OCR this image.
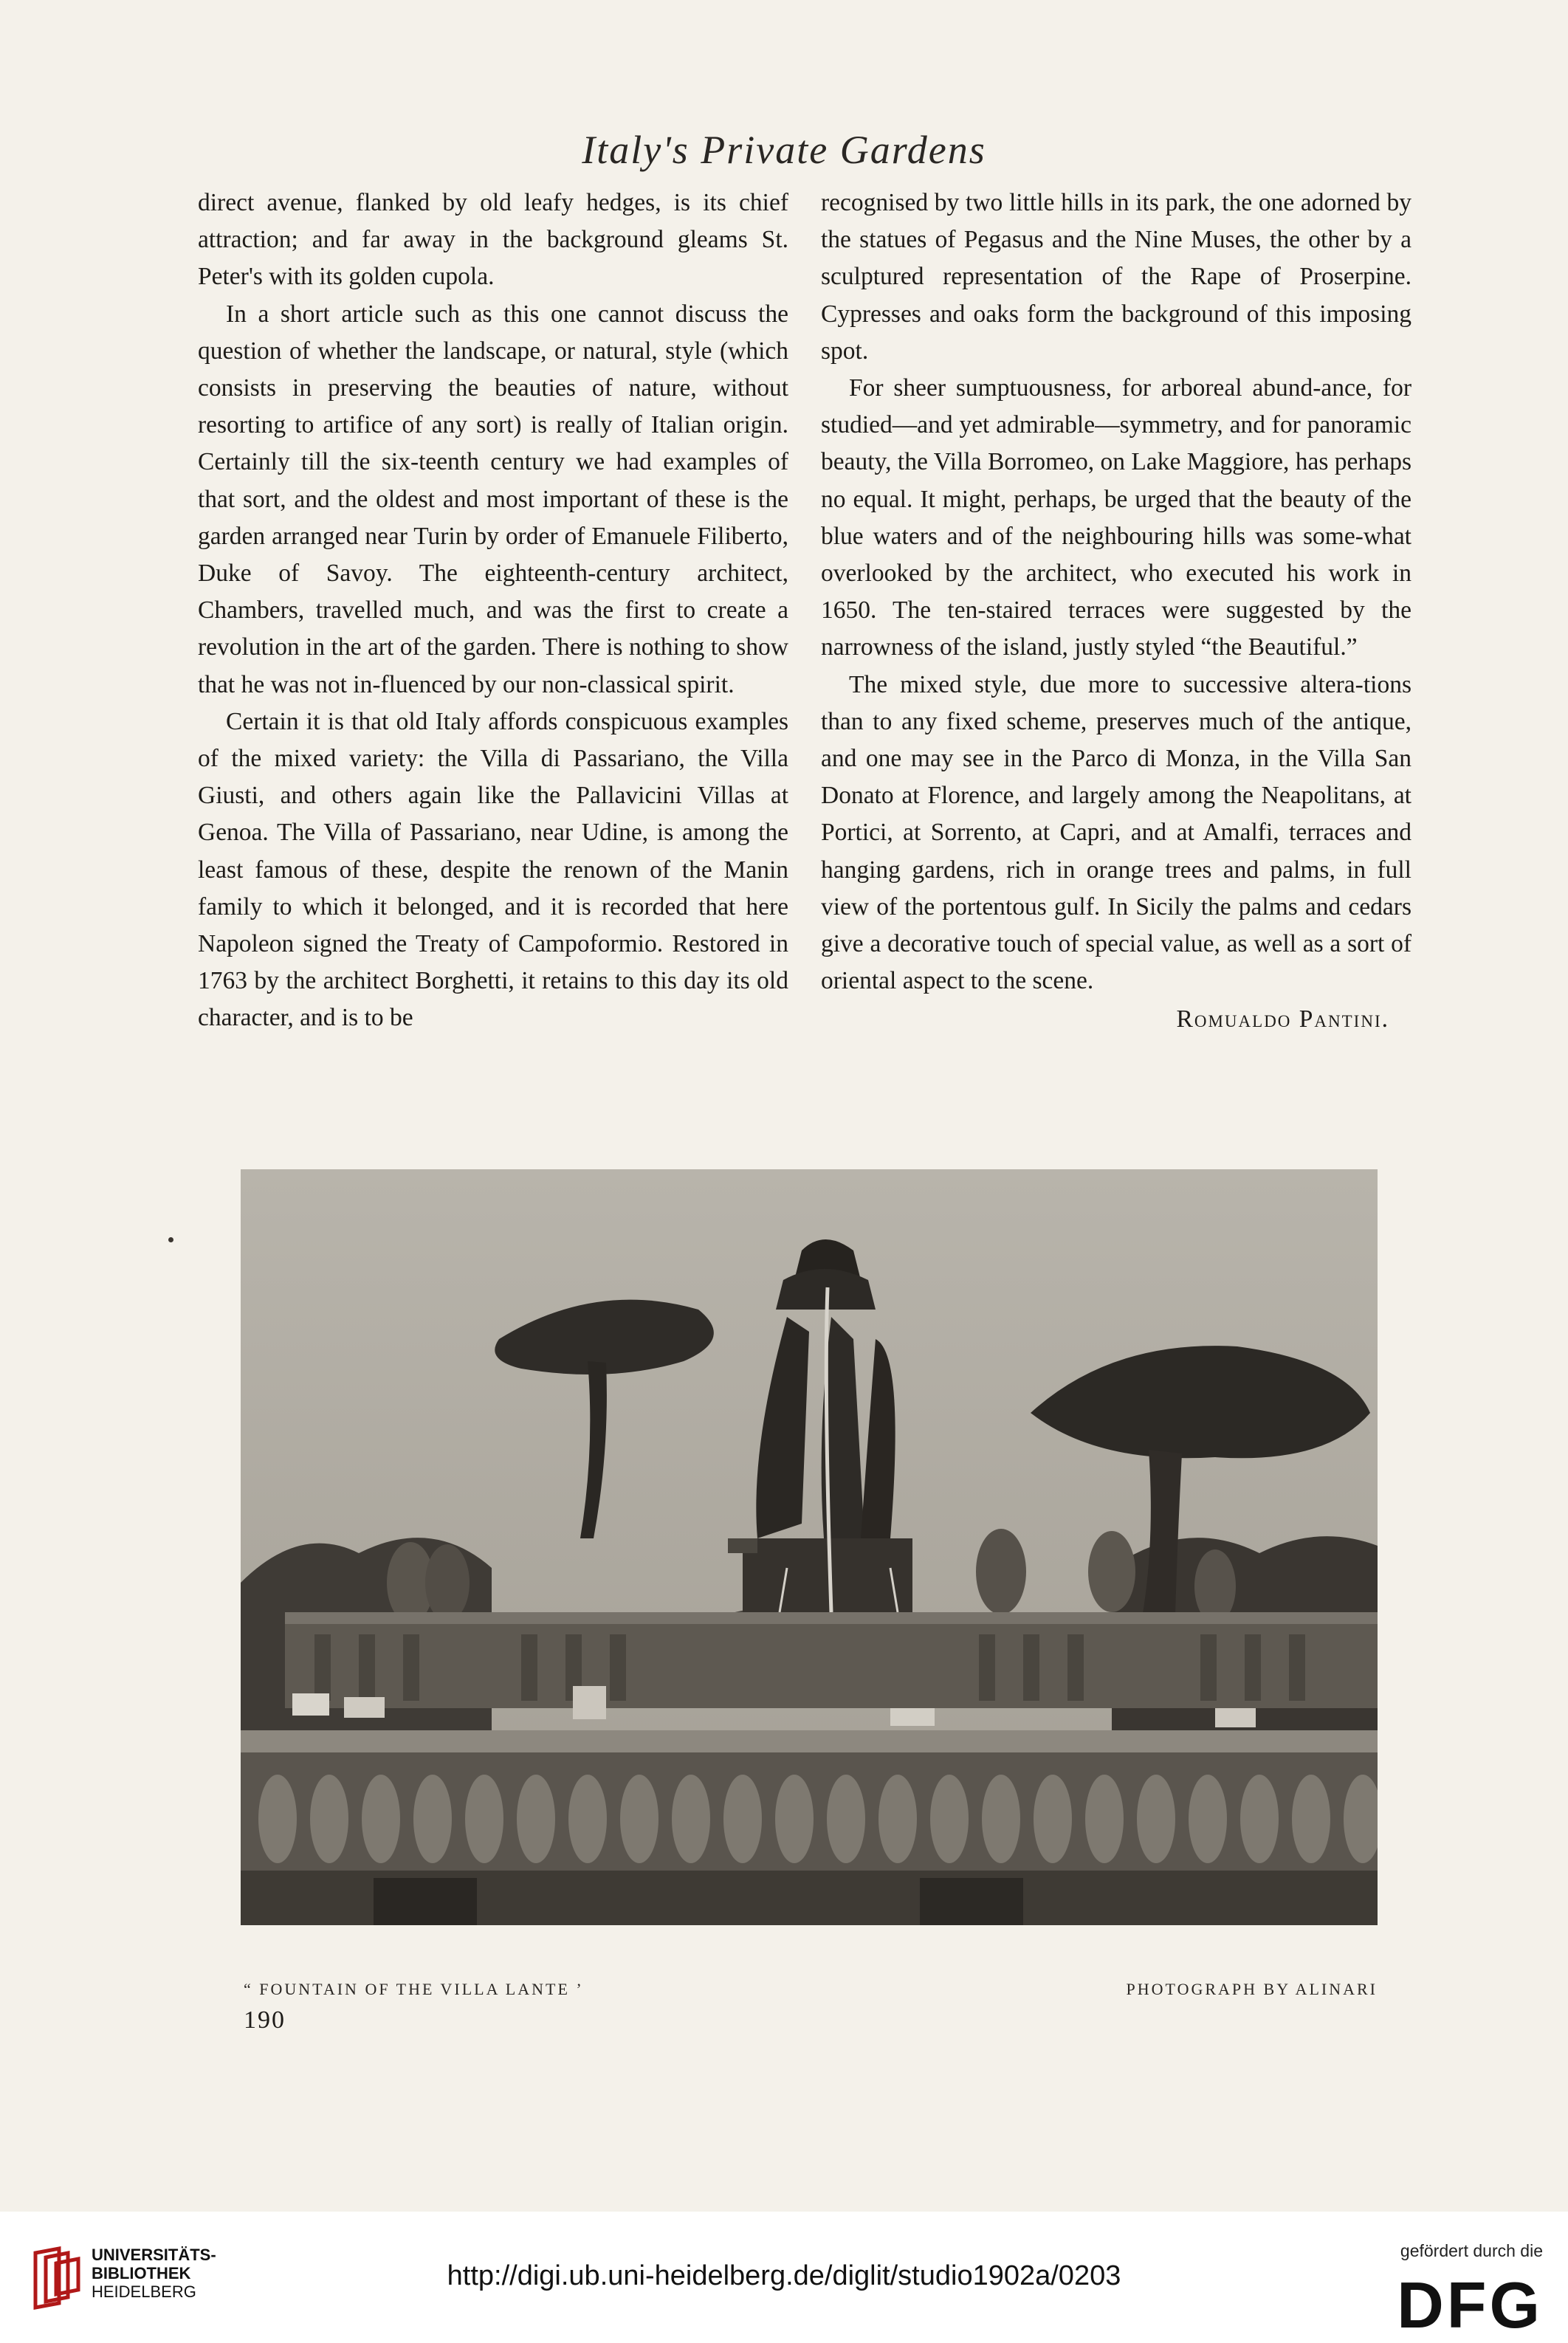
Italy's Private Gardens

direct avenue, flanked by old leafy hedges, is its chief attraction; and far away in the background gleams St. Peter's with its golden cupola.

In a short article such as this one cannot discuss the question of whether the landscape, or natural, style (which consists in preserving the beauties of nature, without resorting to artifice of any sort) is really of Italian origin. Certainly till the six-teenth century we had examples of that sort, and the oldest and most important of these is the garden arranged near Turin by order of Emanuele Filiberto, Duke of Savoy. The eighteenth-century architect, Chambers, travelled much, and was the first to create a revolution in the art of the garden. There is nothing to show that he was not in-fluenced by our non-classical spirit.

Certain it is that old Italy affords conspicuous examples of the mixed variety: the Villa di Passariano, the Villa Giusti, and others again like the Pallavicini Villas at Genoa. The Villa of Passariano, near Udine, is among the least famous of these, despite the renown of the Manin family to which it belonged, and it is recorded that here Napoleon signed the Treaty of Campoformio. Restored in 1763 by the architect Borghetti, it retains to this day its old character, and is to be

recognised by two little hills in its park, the one adorned by the statues of Pegasus and the Nine Muses, the other by a sculptured representation of the Rape of Proserpine. Cypresses and oaks form the background of this imposing spot.

For sheer sumptuousness, for arboreal abund-ance, for studied—and yet admirable—symmetry, and for panoramic beauty, the Villa Borromeo, on Lake Maggiore, has perhaps no equal. It might, perhaps, be urged that the beauty of the blue waters and of the neighbouring hills was some-what overlooked by the architect, who executed his work in 1650. The ten-staired terraces were suggested by the narrowness of the island, justly styled “the Beautiful.”

The mixed style, due more to successive altera-tions than to any fixed scheme, preserves much of the antique, and one may see in the Parco di Monza, in the Villa San Donato at Florence, and largely among the Neapolitans, at Portici, at Sorrento, at Capri, and at Amalfi, terraces and hanging gardens, rich in orange trees and palms, in full view of the portentous gulf. In Sicily the palms and cedars give a decorative touch of special value, as well as a sort of oriental aspect to the scene.

Romualdo Pantini.
“ FOUNTAIN OF THE VILLA LANTE ’	PHOTOGRAPH BY ALINARI
190
UNIVERSITÄTS-
BIBLIOTHEK
HEIDELBERG
http://digi.ub.uni-heidelberg.de/diglit/studio1902a/0203
gefördert durch die
DFG
